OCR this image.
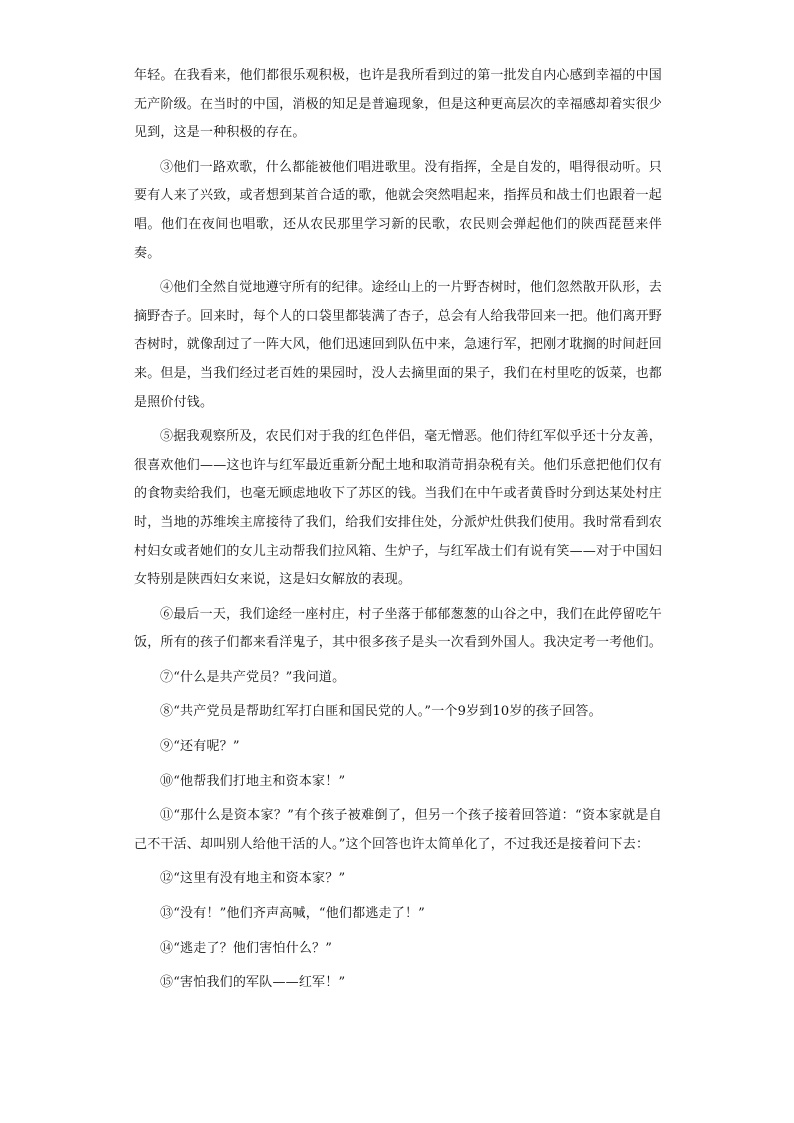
年轻。在我看来，他们都很乐观积极，也许是我所看到过的第一批发自内心感到幸福的中国无产阶级。在当时的中国，消极的知足是普遍现象，但是这种更高层次的幸福感却着实很少见到，这是一种积极的存在。

③他们一路欢歌，什么都能被他们唱进歌里。没有指挥，全是自发的，唱得很动听。只要有人来了兴致，或者想到某首合适的歌，他就会突然唱起来，指挥员和战士们也跟着一起唱。他们在夜间也唱歌，还从农民那里学习新的民歌，农民则会弹起他们的陕西琵琶来伴奏。

④他们全然自觉地遵守所有的纪律。途经山上的一片野杏树时，他们忽然散开队形，去摘野杏子。回来时，每个人的口袋里都装满了杏子，总会有人给我带回来一把。他们离开野杏树时，就像刮过了一阵大风，他们迅速回到队伍中来，急速行军，把刚才耽搁的时间赶回来。但是，当我们经过老百姓的果园时，没人去摘里面的果子，我们在村里吃的饭菜，也都是照价付钱。

⑤据我观察所及，农民们对于我的红色伴侣，毫无憎恶。他们待红军似乎还十分友善，很喜欢他们——这也许与红军最近重新分配土地和取消苛捐杂税有关。他们乐意把他们仅有的食物卖给我们，也毫无顾虑地收下了苏区的钱。当我们在中午或者黄昏时分到达某处村庄时，当地的苏维埃主席接待了我们，给我们安排住处，分派炉灶供我们使用。我时常看到农村妇女或者她们的女儿主动帮我们拉风箱、生炉子，与红军战士们有说有笑——对于中国妇女特别是陕西妇女来说，这是妇女解放的表现。

⑥最后一天，我们途经一座村庄，村子坐落于郁郁葱葱的山谷之中，我们在此停留吃午饭，所有的孩子们都来看洋鬼子，其中很多孩子是头一次看到外国人。我决定考一考他们。

⑦“什么是共产党员？”我问道。

⑧“共产党员是帮助红军打白匪和国民党的人。”一个9岁到10岁的孩子回答。

⑨“还有呢？”

⑩“他帮我们打地主和资本家！”

⑪“那什么是资本家？”有个孩子被难倒了，但另一个孩子接着回答道：“资本家就是自己不干活、却叫别人给他干活的人。”这个回答也许太简单化了，不过我还是接着问下去：

⑫“这里有没有地主和资本家？”

⑬“没有！”他们齐声高喊，“他们都逃走了！”

⑭“逃走了？他们害怕什么？”

⑮“害怕我们的军队——红军！”
